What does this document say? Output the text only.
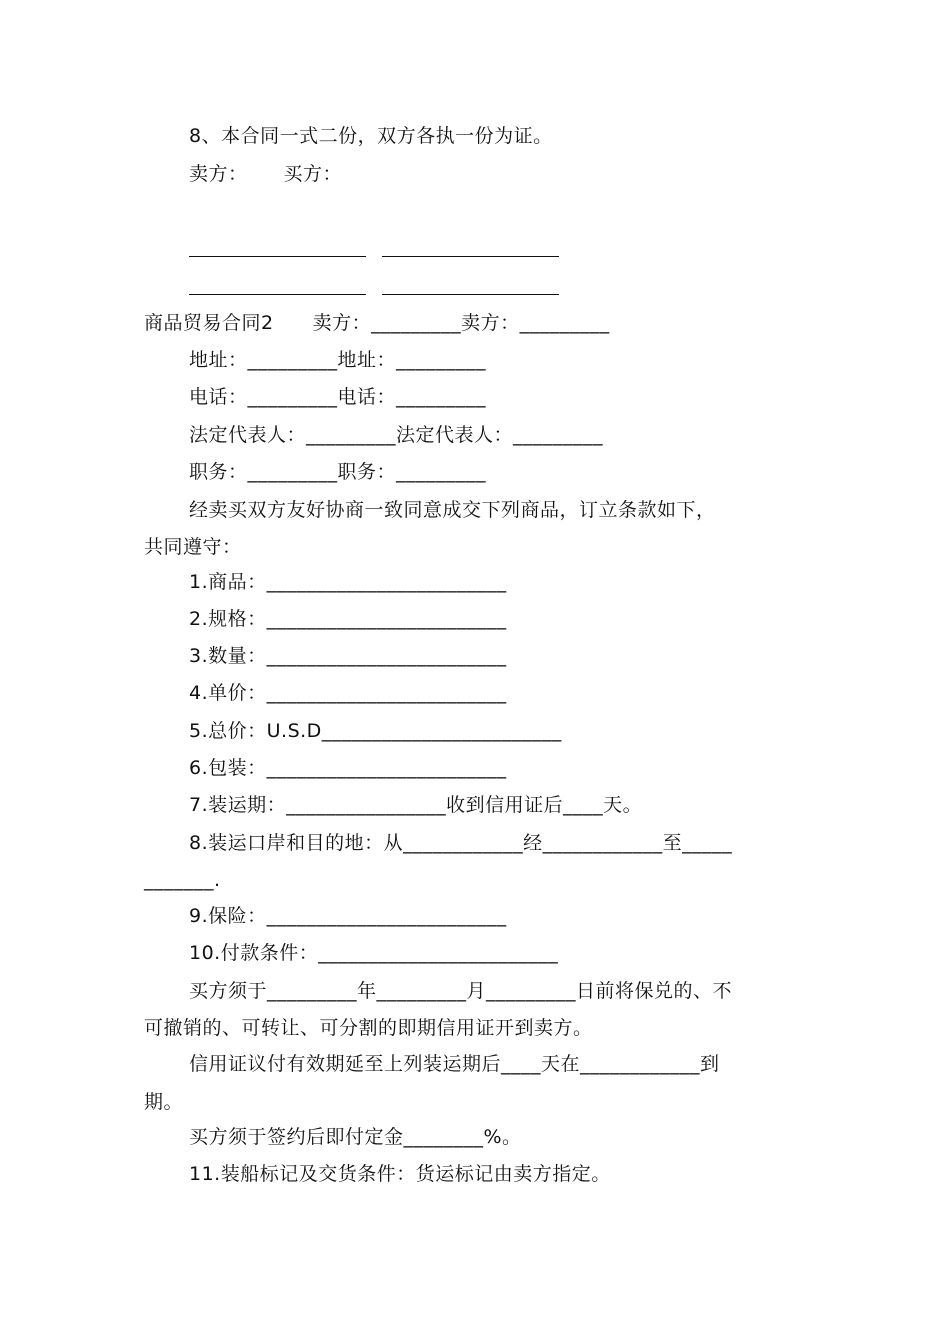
8、本合同一式二份，双方各执一份为证。
卖方：　　 买方：
商品贸易合同2　　卖方：_________卖方：_________
地址：_________地址：_________
电话：_________电话：_________
法定代表人：_________法定代表人：_________
职务：_________职务：_________
经卖买双方友好协商一致同意成交下列商品，订立条款如下，
共同遵守：
1.商品：________________________
2.规格：________________________
3.数量：________________________
4.单价：________________________
5.总价：U.S.D________________________
6.包装：________________________
7.装运期：________________收到信用证后____天。
8.装运口岸和目的地：从____________经____________至_____
_______.
9.保险：________________________
10.付款条件：________________________
买方须于_________年_________月_________日前将保兑的、不
可撤销的、可转让、可分割的即期信用证开到卖方。
信用证议付有效期延至上列装运期后____天在____________到
期。
买方须于签约后即付定金________%。
11.装船标记及交货条件：货运标记由卖方指定。
